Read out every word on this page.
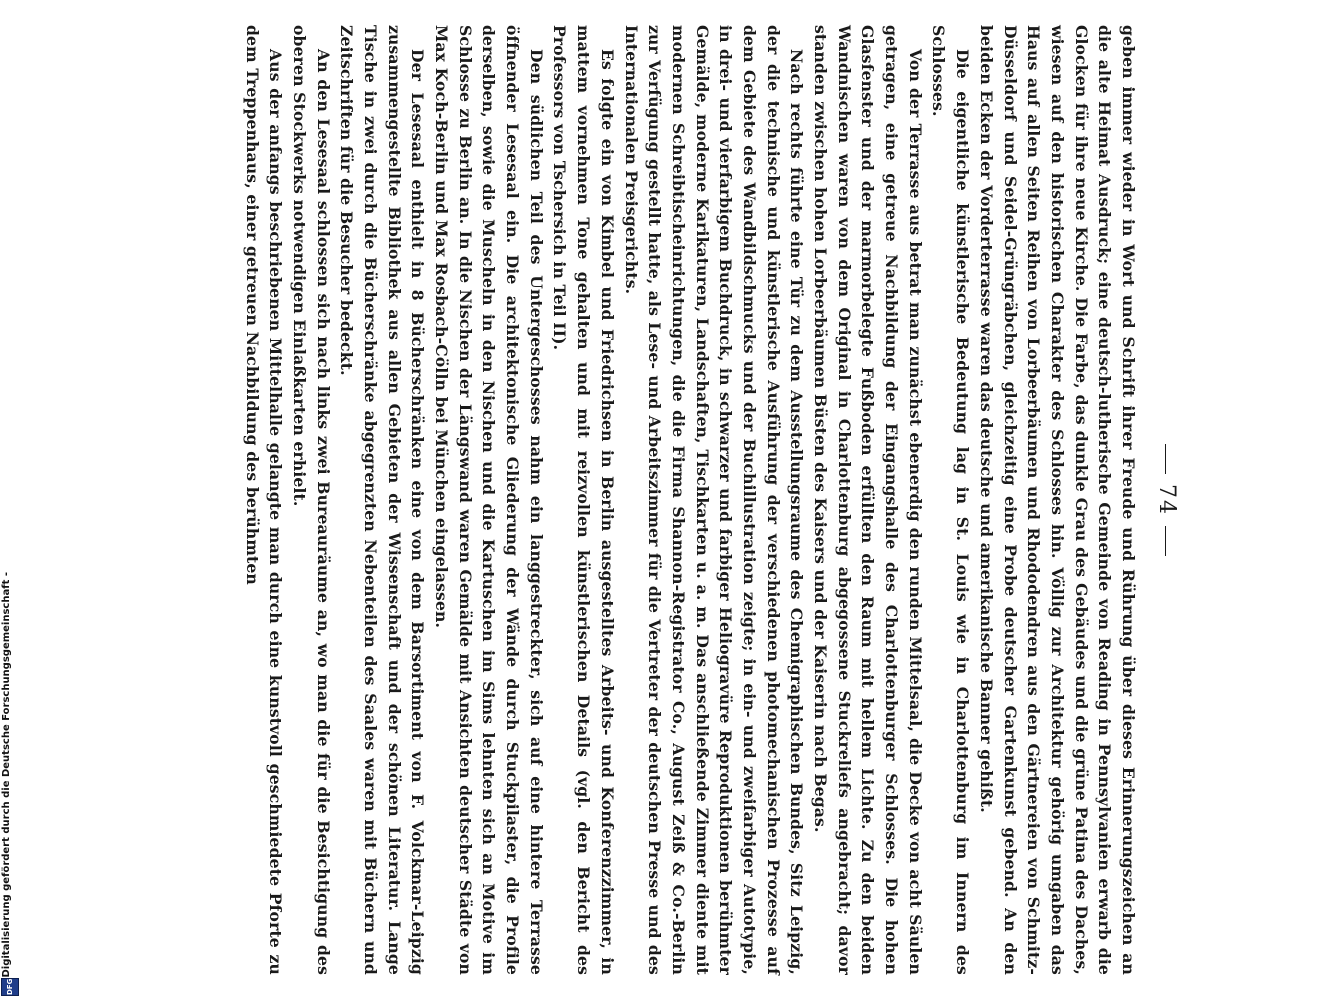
74

geben immer wieder in Wort und Schrift ihrer Freude und Rührung über dieses Erinnerungszeichen an die alte Heimat Ausdruck; eine deutsch-lutherische Gemeinde von Reading in Pennsylvanien erwarb die Glocken für ihre neue Kirche. Die Farbe, das dunkle Grau des Gebäudes und die grüne Patina des Daches, wiesen auf den historischen Charakter des Schlosses hin. Völlig zur Architektur gehörig umgaben das Haus auf allen Seiten Reihen von Lorbeerbäumen und Rhododendren aus den Gärtnereien von Schmitz-Düsseldorf und Seidel-Grüngräbchen, gleichzeitig eine Probe deutscher Gartenkunst gebend. An den beiden Ecken der Vorderterrasse waren das deutsche und amerikanische Banner gehißt.

Die eigentliche künstlerische Bedeutung lag in St. Louis wie in Charlottenburg im Innern des Schlosses.

Von der Terrasse aus betrat man zunächst ebenerdig den runden Mittelsaal, die Decke von acht Säulen getragen, eine getreue Nachbildung der Eingangshalle des Charlottenburger Schlosses. Die hohen Glasfenster und der marmorbelegte Fußboden erfüllten den Raum mit hellem Lichte. Zu den beiden Wandnischen waren von dem Original in Charlottenburg abgegossene Stuckreliefs angebracht; davor standen zwischen hohen Lorbeerbäumen Büsten des Kaisers und der Kaiserin nach Begas.

Nach rechts führte eine Tür zu dem Ausstellungsraume des Chemigraphischen Bundes, Sitz Leipzig, der die technische und künstlerische Ausführung der verschiedenen photomechanischen Prozesse auf dem Gebiete des Wandbildschmucks und der Buchillustration zeigte; in ein- und zweifarbiger Autotypie, in drei- und vierfarbigem Buchdruck, in schwarzer und farbiger Heliogravüre Reproduktionen berühmter Gemälde, moderne Karikaturen, Landschaften, Tischkarten u. a. m. Das anschließende Zimmer diente mit modernen Schreibtischeinrichtungen, die die Firma Shannon-Registrator Co., August Zeiß & Co.-Berlin zur Verfügung gestellt hatte, als Lese- und Arbeitszimmer für die Vertreter der deutschen Presse und des Internationalen Preisgerichts.

Es folgte ein von Kimbel und Friedrichsen in Berlin ausgestelltes Arbeits- und Konferenzzimmer, in mattem vornehmen Tone gehalten und mit reizvollen künstlerischen Details (vgl. den Bericht des Professors von Tschersich in Teil II).

Den südlichen Teil des Untergeschosses nahm ein langgestreckter, sich auf eine hintere Terrasse öffnender Lesesaal ein. Die architektonische Gliederung der Wände durch Stuckpilaster, die Profile derselben, sowie die Muscheln in den Nischen und die Kartuschen im Sims lehnten sich an Motive im Schlosse zu Berlin an. In die Nischen der Längswand waren Gemälde mit Ansichten deutscher Städte von Max Koch-Berlin und Max Rosbach-Cölln bei München eingelassen.

Der Lesesaal enthielt in 8 Bücherschränken eine von dem Barsortiment von F. Volckmar-Leipzig zusammengestellte Bibliothek aus allen Gebieten der Wissenschaft und der schönen Literatur. Lange Tische in zwei durch die Bücherschränke abgegrenzten Nebenteilen des Saales waren mit Büchern und Zeitschriften für die Besucher bedeckt.

An den Lesesaal schlossen sich nach links zwei Bureauräume an, wo man die für die Besichtigung des oberen Stockwerks notwendigen Einlaßkarten erhielt.

Aus der anfangs beschriebenen Mittelhalle gelangte man durch eine kunstvoll geschmiedete Pforte zu dem Treppenhaus, einer getreuen Nachbildung des berühmten

Digitalisierung gefördert durch die Deutsche Forschungsgemeinschaft -
DFG
